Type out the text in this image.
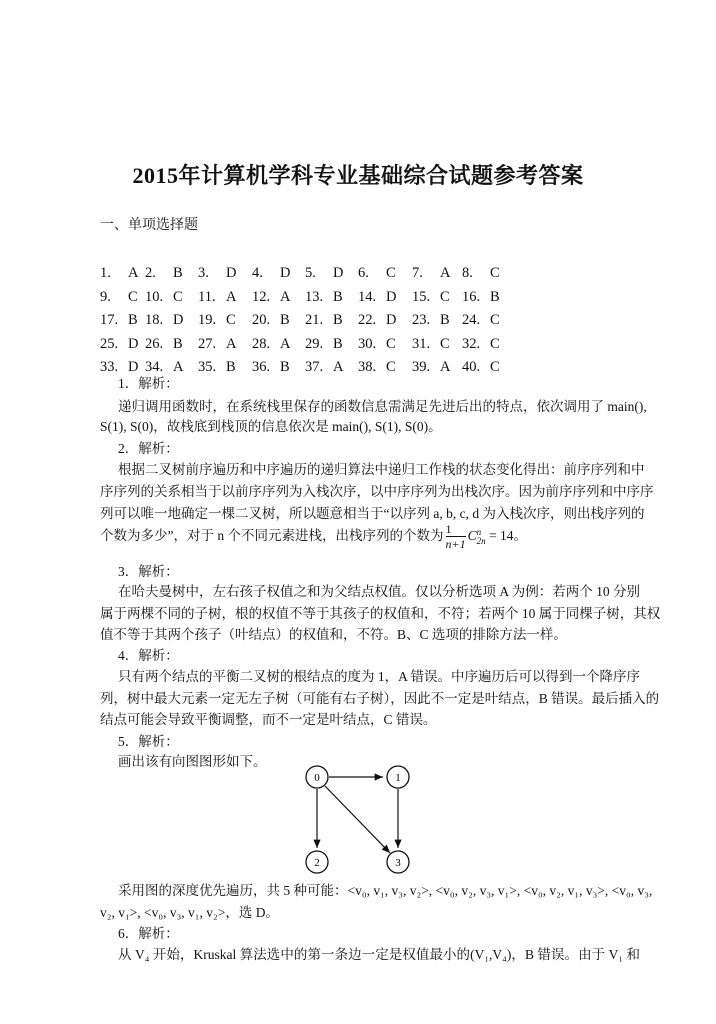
2015年计算机学科专业基础综合试题参考答案
一、单项选择题
1. A 2. B 3. D 4. D 5. D 6. C 7. A 8. C
9. C 10. C 11. A 12. A 13. B 14. D 15. C 16. B
17. B 18. D 19. C 20. B 21. B 22. D 23. B 24. C
25. D 26. B 27. A 28. A 29. B 30. C 31. C 32. C
33. D 34. A 35. B 36. B 37. A 38. C 39. A 40. C
1．解析：
递归调用函数时，在系统栈里保存的函数信息需满足先进后出的特点，依次调用了 main(),
S(1), S(0)，故栈底到栈顶的信息依次是 main(), S(1), S(0)。
2．解析：
根据二叉树前序遍历和中序遍历的递归算法中递归工作栈的状态变化得出：前序序列和中
序序列的关系相当于以前序序列为入栈次序，以中序序列为出栈次序。因为前序序列和中序序
列可以唯一地确定一棵二叉树，所以题意相当于“以序列 a, b, c, d 为入栈次序，则出栈序列的
个数为多少”，对于 n 个不同元素进栈，出栈序列的个数为 $\frac{1}{n+1}$ C n
2n = 14。
3．解析：
在哈夫曼树中，左右孩子权值之和为父结点权值。仅以分析选项 A 为例：若两个 10 分别
属于两棵不同的子树，根的权值不等于其孩子的权值和，不符；若两个 10 属于同棵子树，其权
值不等于其两个孩子（叶结点）的权值和，不符。B、C 选项的排除方法一样。
4．解析：
只有两个结点的平衡二叉树的根结点的度为 1，A 错误。中序遍历后可以得到一个降序序
列，树中最大元素一定无左子树（可能有右子树），因此不一定是叶结点，B 错误。最后插入的
结点可能会导致平衡调整，而不一定是叶结点，C 错误。
5．解析：
画出该有向图图形如下。
采用图的深度优先遍历，共 5 种可能：<v₀, v₁, v₃, v₂>, <v₀, v₂, v₃, v₁>, <v₀, v₂, v₁, v₃>, <v₀, v₃,
v₂, v₁>, <v₀, v₃, v₁, v₂>，选 D。
6．解析：
从 V₄ 开始，Kruskal 算法选中的第一条边一定是权值最小的(V₁,V₄)，B 错误。由于 V₁ 和
0	1
2	3
